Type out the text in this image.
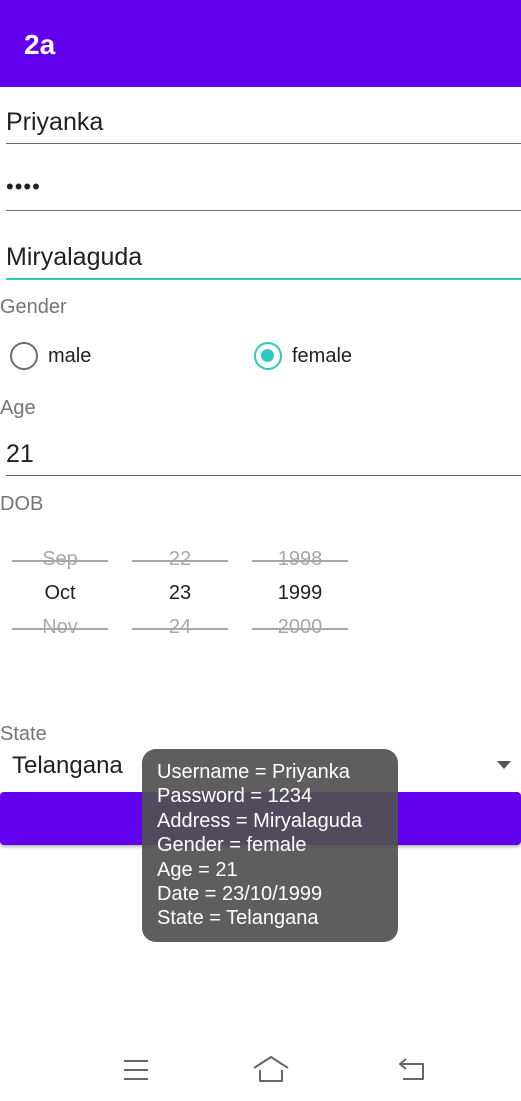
2a
Priyanka
••••
Miryalaguda
Gender
male	female
Age
21
DOB
Sep
Oct
Nov
22
23
24
1998
1999
2000
State
Telangana Username = Priyanka
Password = 1234
Address = Miryalaguda
Gender = female
Age = 21
Date = 23/10/1999
State = Telangana
